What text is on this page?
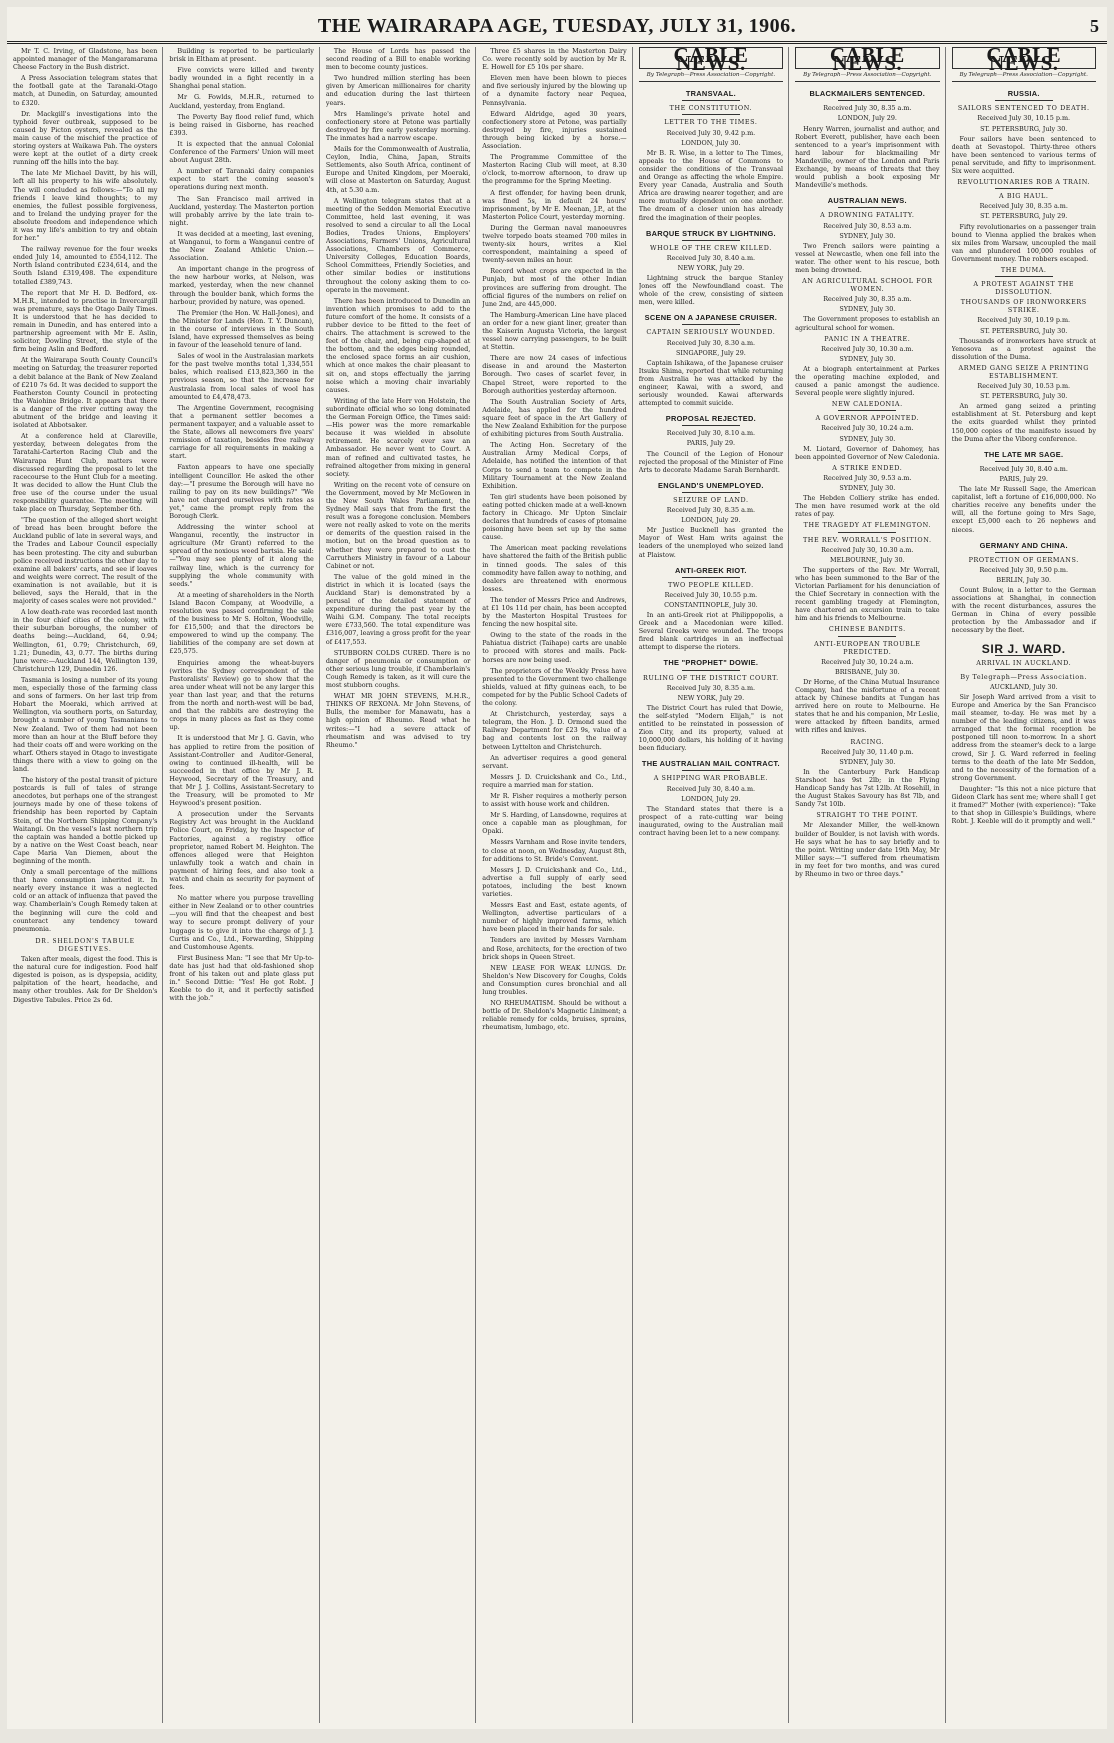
THE WAIRARAPA AGE, TUESDAY, JULY 31, 1906.	5

Mr T. C. Irving, of Gladstone, has been appointed manager of the Mangaramarama Cheese Factory in the Bush district.

A Press Association telegram states that the football gate at the Taranaki-Otago match, at Dunedin, on Saturday, amounted to £320.

Dr. Mackgill's investigations into the typhoid fever outbreak, supposed to be caused by Picton oysters, revealed as the main cause of the mischief the practice of storing oysters at Waikawa Pah. The oysters were kept at the outlet of a dirty creek running off the hills into the bay.

The late Mr Michael Davitt, by his will, left all his property to his wife absolutely. The will concluded as follows:—"To all my friends I leave kind thoughts; to my enemies, the fullest possible forgiveness, and to Ireland the undying prayer for the absolute freedom and independence which it was my life's ambition to try and obtain for her."

The railway revenue for the four weeks ended July 14, amounted to £554,112. The North Island contributed £234,614, and the South Island £319,498. The expenditure totalled £389,743.

The report that Mr H. D. Bedford, ex-M.H.R., intended to practise in Invercargill was premature, says the Otago Daily Times. It is understood that he has decided to remain in Dunedin, and has entered into a partnership agreement with Mr E. Aslin, solicitor, Dowling Street, the style of the firm being Aslin and Bedford.

At the Wairarapa South County Council's meeting on Saturday, the treasurer reported a debit balance at the Bank of New Zealand of £210 7s 6d. It was decided to support the Featherston County Council in protecting the Waiohine Bridge. It appears that there is a danger of the river cutting away the abutment of the bridge and leaving it isolated at Abbotsaker.

At a conference held at Clareville, yesterday, between delegates from the Taratahi-Carterton Racing Club and the Wairarapa Hunt Club, matters were discussed regarding the proposal to let the racecourse to the Hunt Club for a meeting. It was decided to allow the Hunt Club the free use of the course under the usual responsibility guarantee. The meeting will take place on Thursday, September 6th.

"The question of the alleged short weight of bread has been brought before the Auckland public of late in several ways, and the Trades and Labour Council especially has been protesting. The city and suburban police received instructions the other day to examine all bakers' carts, and see if loaves and weights were correct. The result of the examination is not available, but it is believed, says the Herald, that in the majority of cases scales were not provided."

A low death-rate was recorded last month in the four chief cities of the colony, with their suburban boroughs, the number of deaths being:—Auckland, 64, 0.94; Wellington, 61, 0.79; Christchurch, 69, 1.21; Dunedin, 43, 0.77. The births during June were:—Auckland 144, Wellington 139, Christchurch 129, Dunedin 126.

Tasmania is losing a number of its young men, especially those of the farming class and sons of farmers. On her last trip from Hobart the Moeraki, which arrived at Wellington, via southern ports, on Saturday, brought a number of young Tasmanians to New Zealand. Two of them had not been more than an hour at the Bluff before they had their coats off and were working on the wharf. Others stayed in Otago to investigate things there with a view to going on the land.

The history of the postal transit of picture postcards is full of tales of strange anecdotes, but perhaps one of the strangest journeys made by one of these tokens of friendship has been reported by Captain Stein, of the Northern Shipping Company's Waitangi. On the vessel's last northern trip the captain was handed a bottle picked up by a native on the West Coast beach, near Cape Maria Van Diemen, about the beginning of the month.

Only a small percentage of the millions that have consumption inherited it. In nearly every instance it was a neglected cold or an attack of influenza that paved the way. Chamberlain's Cough Remedy taken at the beginning will cure the cold and counteract any tendency toward pneumonia.

DR. SHELDON'S TABULE DIGESTIVES.

Taken after meals, digest the food. This is the natural cure for indigestion. Food half digested is poison, as is dyspepsia, acidity, palpitation of the heart, headache, and many other troubles. Ask for Dr Sheldon's Digestive Tabules. Price 2s 6d.

Building is reported to be particularly brisk in Eltham at present.

Five convicts were killed and twenty badly wounded in a fight recently in a Shanghai penal station.

Mr G. Fowlds, M.H.R., returned to Auckland, yesterday, from England.

The Poverty Bay flood relief fund, which is being raised in Gisborne, has reached £393.

It is expected that the annual Colonial Conference of the Farmers' Union will meet about August 28th.

A number of Taranaki dairy companies expect to start the coming season's operations during next month.

The San Francisco mail arrived in Auckland, yesterday. The Masterton portion will probably arrive by the late train to-night.

It was decided at a meeting, last evening, at Wanganui, to form a Wanganui centre of the New Zealand Athletic Union.—Association.

An important change in the progress of the new harbour works, at Nelson, was marked, yesterday, when the new channel through the boulder bank, which forms the harbour, provided by nature, was opened.

The Premier (the Hon. W. Hall-Jones), and the Minister for Lands (Hon. T. Y. Duncan), in the course of interviews in the South Island, have expressed themselves as being in favour of the leasehold tenure of land.

Sales of wool in the Australasian markets for the past twelve months total 1,334,551 bales, which realised £13,823,360 in the previous season, so that the increase for Australasia from local sales of wool has amounted to £4,478,473.

The Argentine Government, recognising that a permanent settler becomes a permanent taxpayer, and a valuable asset to the State, allows all newcomers five years' remission of taxation, besides free railway carriage for all requirements in making a start.

Faxton appears to have one specially intelligent Councillor. He asked the other day:—"I presume the Borough will have no railing to pay on its new buildings?" "We have not charged ourselves with rates as yet," came the prompt reply from the Borough Clerk.

Addressing the winter school at Wanganui, recently, the instructor in agriculture (Mr Grant) referred to the spread of the noxious weed bartsia. He said:—"You may see plenty of it along the railway line, which is the currency for supplying the whole community with seeds."

At a meeting of shareholders in the North Island Bacon Company, at Woodville, a resolution was passed confirming the sale of the business to Mr S. Holton, Woodville, for £15,500; and that the directors be empowered to wind up the company. The liabilities of the company are set down at £25,575.

Enquiries among the wheat-buyers (writes the Sydney correspondent of the Pastoralists' Review) go to show that the area under wheat will not be any larger this year than last year, and that the returns from the north and north-west will be bad, and that the rabbits are destroying the crops in many places as fast as they come up.

It is understood that Mr J. G. Gavin, who has applied to retire from the position of Assistant-Controller and Auditor-General, owing to continued ill-health, will be succeeded in that office by Mr J. R. Heywood, Secretary of the Treasury, and that Mr J. J. Collins, Assistant-Secretary to the Treasury, will be promoted to Mr Heywood's present position.

A prosecution under the Servants Registry Act was brought in the Auckland Police Court, on Friday, by the Inspector of Factories, against a registry office proprietor, named Robert M. Heighton. The offences alleged were that Heighton unlawfully took a watch and chain in payment of hiring fees, and also took a watch and chain as security for payment of fees.

No matter where you purpose travelling either in New Zealand or to other countries—you will find that the cheapest and best way to secure prompt delivery of your luggage is to give it into the charge of J. J. Curtis and Co., Ltd., Forwarding, Shipping and Customhouse Agents.

First Business Man: "I see that Mr Up-to-date has just had that old-fashioned shop front of his taken out and plate glass put in." Second Dittie: "Yes! He got Robt. J Keeble to do it, and it perfectly satisfied with the job."

The House of Lords has passed the second reading of a Bill to enable working men to become county justices.

Two hundred million sterling has been given by American millionaires for charity and education during the last thirteen years.

Mrs Hamlinge's private hotel and confectionery store at Petone was partially destroyed by fire early yesterday morning. The inmates had a narrow escape.

Mails for the Commonwealth of Australia, Ceylon, India, China, Japan, Straits Settlements, also South Africa, continent of Europe and United Kingdom, per Moeraki, will close at Masterton on Saturday, August 4th, at 5.30 a.m.

A Wellington telegram states that at a meeting of the Seddon Memorial Executive Committee, held last evening, it was resolved to send a circular to all the Local Bodies, Trades Unions, Employers' Associations, Farmers' Unions, Agricultural Associations, Chambers of Commerce, University Colleges, Education Boards, School Committees, Friendly Societies, and other similar bodies or institutions throughout the colony asking them to co-operate in the movement.

There has been introduced to Dunedin an invention which promises to add to the future comfort of the home. It consists of a rubber device to be fitted to the feet of chairs. The attachment is screwed to the feet of the chair, and, being cup-shaped at the bottom, and the edges being rounded, the enclosed space forms an air cushion, which at once makes the chair pleasant to sit on, and stops effectually the jarring noise which a moving chair invariably causes.

Writing of the late Herr von Holstein, the subordinate official who so long dominated the German Foreign Office, the Times said:—His power was the more remarkable because it was wielded in absolute retirement. He scarcely ever saw an Ambassador. He never went to Court. A man of refined and cultivated tastes, he refrained altogether from mixing in general society.

Writing on the recent vote of censure on the Government, moved by Mr McGowen in the New South Wales Parliament, the Sydney Mail says that from the first the result was a foregone conclusion. Members were not really asked to vote on the merits or demerits of the question raised in the motion, but on the broad question as to whether they were prepared to oust the Carruthers Ministry in favour of a Labour Cabinet or not.

The value of the gold mined in the district in which it is located (says the Auckland Star) is demonstrated by a perusal of the detailed statement of expenditure during the past year by the Waihi G.M. Company. The total receipts were £733,560. The total expenditure was £316,007, leaving a gross profit for the year of £417,553.

STUBBORN COLDS CURED. There is no danger of pneumonia or consumption or other serious lung trouble, if Chamberlain's Cough Remedy is taken, as it will cure the most stubborn coughs.

WHAT MR JOHN STEVENS, M.H.R., THINKS OF REXONA. Mr John Stevens, of Bulls, the member for Manawatu, has a high opinion of Rheumo. Read what he writes:—"I had a severe attack of rheumatism and was advised to try Rheumo."

Three £5 shares in the Masterton Dairy Co. were recently sold by auction by Mr R. E. Howell for £5 10s per share.

Eleven men have been blown to pieces and five seriously injured by the blowing up of a dynamite factory near Pequea, Pennsylvania.

Edward Aldridge, aged 30 years, confectionery store at Petone, was partially destroyed by fire, injuries sustained through being kicked by a horse.—Association.

The Programme Committee of the Masterton Racing Club will meet, at 8.30 o'clock, to-morrow afternoon, to draw up the programme for the Spring Meeting.

A first offender, for having been drunk, was fined 5s, in default 24 hours' imprisonment, by Mr E. Meenan, J.P., at the Masterton Police Court, yesterday morning.

During the German naval manoeuvres twelve torpedo boats steamed 700 miles in twenty-six hours, writes a Kiel correspondent, maintaining a speed of twenty-seven miles an hour.

Record wheat crops are expected in the Punjab, but most of the other Indian provinces are suffering from drought. The official figures of the numbers on relief on June 2nd, are 445,000.

The Hamburg-American Line have placed an order for a new giant liner, greater than the Kaiserin Augusta Victoria, the largest vessel now carrying passengers, to be built at Stettin.

There are now 24 cases of infectious disease in and around the Masterton Borough. Two cases of scarlet fever, in Chapel Street, were reported to the Borough authorities yesterday afternoon.

The South Australian Society of Arts, Adelaide, has applied for the hundred square feet of space in the Art Gallery of the New Zealand Exhibition for the purpose of exhibiting pictures from South Australia.

The Acting Hon. Secretary of the Australian Army Medical Corps, of Adelaide, has notified the intention of that Corps to send a team to compete in the Military Tournament at the New Zealand Exhibition.

Ten girl students have been poisoned by eating potted chicken made at a well-known factory in Chicago. Mr Upton Sinclair declares that hundreds of cases of ptomaine poisoning have been set up by the same cause.

The American meat packing revelations have shattered the faith of the British public in tinned goods. The sales of this commodity have fallen away to nothing, and dealers are threatened with enormous losses.

The tender of Messrs Price and Andrews, at £1 10s 11d per chain, has been accepted by the Masterton Hospital Trustees for fencing the new hospital site.

Owing to the state of the roads in the Pahiatua district (Taihape) carts are unable to proceed with stores and mails. Pack-horses are now being used.

The proprietors of the Weekly Press have presented to the Government two challenge shields, valued at fifty guineas each, to be competed for by the Public School Cadets of the colony.

At Christchurch, yesterday, says a telegram, the Hon. J. D. Ormond sued the Railway Department for £23 9s, value of a bag and contents lost on the railway between Lyttelton and Christchurch.

An advertiser requires a good general servant.

Messrs J. D. Cruickshank and Co., Ltd., require a married man for station.

Mr R. Fisher requires a motherly person to assist with house work and children.

Mr S. Harding, of Lansdowne, requires at once a capable man as ploughman, for Opaki.

Messrs Varnham and Rose invite tenders, to close at noon, on Wednesday, August 8th, for additions to St. Bride's Convent.

Messrs J. D. Cruickshank and Co., Ltd., advertise a full supply of early seed potatoes, including the best known varieties.

Messrs East and East, estate agents, of Wellington, advertise particulars of a number of highly improved farms, which have been placed in their hands for sale.

Tenders are invited by Messrs Varnham and Rose, architects, for the erection of two brick shops in Queen Street.

NEW LEASE FOR WEAK LUNGS. Dr. Sheldon's New Discovery for Coughs, Colds and Consumption cures bronchial and all lung troubles.

NO RHEUMATISM. Should be without a bottle of Dr. Sheldon's Magnetic Liniment; a reliable remedy for colds, bruises, sprains, rheumatism, lumbago, etc.

CABLE NEWS.
By Telegraph—Press Association—Copyright.
TRANSVAAL.
THE CONSTITUTION.
LETTER TO THE TIMES.
Received July 30, 9.42 p.m.
LONDON, July 30.

Mr B. R. Wise, in a letter to The Times, appeals to the House of Commons to consider the conditions of the Transvaal and Orange as affecting the whole Empire. Every year Canada, Australia and South Africa are drawing nearer together, and are more mutually dependent on one another. The dream of a closer union has already fired the imagination of their peoples.

BARQUE STRUCK BY LIGHTNING.
WHOLE OF THE CREW KILLED.
Received July 30, 8.40 a.m.
NEW YORK, July 29.

Lightning struck the barque Stanley Jones off the Newfoundland coast. The whole of the crew, consisting of sixteen men, were killed.

SCENE ON A JAPANESE CRUISER.
CAPTAIN SERIOUSLY WOUNDED.
Received July 30, 8.30 a.m.
SINGAPORE, July 29.

Captain Ishikawa, of the Japanese cruiser Itsuku Shima, reported that while returning from Australia he was attacked by the engineer, Kawai, with a sword, and seriously wounded. Kawai afterwards attempted to commit suicide.

PROPOSAL REJECTED.
Received July 30, 8.10 a.m.
PARIS, July 29.

The Council of the Legion of Honour rejected the proposal of the Minister of Fine Arts to decorate Madame Sarah Bernhardt.

ENGLAND'S UNEMPLOYED.
SEIZURE OF LAND.
Received July 30, 8.35 a.m.
LONDON, July 29.

Mr Justice Bucknell has granted the Mayor of West Ham writs against the leaders of the unemployed who seized land at Plaistow.

ANTI-GREEK RIOT.
TWO PEOPLE KILLED.
Received July 30, 10.55 p.m.
CONSTANTINOPLE, July 30.

In an anti-Greek riot at Philippopolis, a Greek and a Macedonian were killed. Several Greeks were wounded. The troops fired blank cartridges in an ineffectual attempt to disperse the rioters.

THE "PROPHET" DOWIE.
RULING OF THE DISTRICT COURT.
Received July 30, 8.35 a.m.
NEW YORK, July 29.

The District Court has ruled that Dowie, the self-styled "Modern Elijah," is not entitled to be reinstated in possession of Zion City, and its property, valued at 10,000,000 dollars, his holding of it having been fiduciary.

THE AUSTRALIAN MAIL CONTRACT.
A SHIPPING WAR PROBABLE.
Received July 30, 8.40 a.m.
LONDON, July 29.

The Standard states that there is a prospect of a rate-cutting war being inaugurated, owing to the Australian mail contract having been let to a new company.

CABLE NEWS.
By Telegraph—Press Association—Copyright.
BLACKMAILERS SENTENCED.
Received July 30, 8.35 a.m.
LONDON, July 29.

Henry Warren, journalist and author, and Robert Everett, publisher, have each been sentenced to a year's imprisonment with hard labour for blackmailing Mr Mandeville, owner of the London and Paris Exchange, by means of threats that they would publish a book exposing Mr Mandeville's methods.

AUSTRALIAN NEWS.
A DROWNING FATALITY.
Received July 30, 8.53 a.m.
SYDNEY, July 30.

Two French sailors were painting a vessel at Newcastle, when one fell into the water. The other went to his rescue, both men being drowned.

AN AGRICULTURAL SCHOOL FOR WOMEN.
Received July 30, 8.35 a.m.
SYDNEY, July 30.

The Government proposes to establish an agricultural school for women.

PANIC IN A THEATRE.
Received July 30, 10.30 a.m.
SYDNEY, July 30.

At a biograph entertainment at Parkes the operating machine exploded, and caused a panic amongst the audience. Several people were slightly injured.

NEW CALEDONIA.
A GOVERNOR APPOINTED.
Received July 30, 10.24 a.m.
SYDNEY, July 30.

M. Liotard, Governor of Dahomey, has been appointed Governor of New Caledonia.

A STRIKE ENDED.
Received July 30, 9.53 a.m.
SYDNEY, July 30.

The Hebden Colliery strike has ended. The men have resumed work at the old rates of pay.

THE TRAGEDY AT FLEMINGTON.
THE REV. WORRALL'S POSITION.
Received July 30, 10.30 a.m.
MELBOURNE, July 30.

The supporters of the Rev. Mr Worrall, who has been summoned to the Bar of the Victorian Parliament for his denunciation of the Chief Secretary in connection with the recent gambling tragedy at Flemington, have chartered an excursion train to take him and his friends to Melbourne.

CHINESE BANDITS.
ANTI-EUROPEAN TROUBLE PREDICTED.
Received July 30, 10.24 a.m.
BRISBANE, July 30.

Dr Horne, of the China Mutual Insurance Company, had the misfortune of a recent attack by Chinese bandits at Tungan has arrived here on route to Melbourne. He states that he and his companion, Mr Leslie, were attacked by fifteen bandits, armed with rifles and knives.

RACING.
Received July 30, 11.40 p.m.
SYDNEY, July 30.

In the Canterbury Park Handicap Starshoot has 9st 2lb; in the Flying Handicap Sandy has 7st 12lb. At Rosehill, in the August Stakes Savoury has 8st 7lb, and Sandy 7st 10lb.

STRAIGHT TO THE POINT.

Mr Alexander Miller, the well-known builder of Boulder, is not lavish with words. He says what he has to say briefly and to the point. Writing under date 19th May, Mr Miller says:—"I suffered from rheumatism in my feet for two months, and was cured by Rheumo in two or three days."

CABLE NEWS.
By Telegraph—Press Association—Copyright.
RUSSIA.
SAILORS SENTENCED TO DEATH.
Received July 30, 10.15 p.m.
ST. PETERSBURG, July 30.

Four sailors have been sentenced to death at Sevastopol. Thirty-three others have been sentenced to various terms of penal servitude, and fifty to imprisonment. Six were acquitted.

REVOLUTIONARIES ROB A TRAIN.
A BIG HAUL.
Received July 30, 8.35 a.m.
ST. PETERSBURG, July 29.

Fifty revolutionaries on a passenger train bound to Vienna applied the brakes when six miles from Warsaw, uncoupled the mail van and plundered 100,000 roubles of Government money. The robbers escaped.

THE DUMA.
A PROTEST AGAINST THE DISSOLUTION.
THOUSANDS OF IRONWORKERS STRIKE.
Received July 30, 10.19 p.m.
ST. PETERSBURG, July 30.

Thousands of ironworkers have struck at Yenosova as a protest against the dissolution of the Duma.

ARMED GANG SEIZE A PRINTING ESTABLISHMENT.
Received July 30, 10.53 p.m.
ST. PETERSBURG, July 30.

An armed gang seized a printing establishment at St. Petersburg and kept the exits guarded whilst they printed 150,000 copies of the manifesto issued by the Duma after the Viborg conference.

THE LATE MR SAGE.
Received July 30, 8.40 a.m.
PARIS, July 29.

The late Mr Russell Sage, the American capitalist, left a fortune of £16,000,000. No charities receive any benefits under the will, all the fortune going to Mrs Sage, except £5,000 each to 26 nephews and nieces.

GERMANY AND CHINA.
PROTECTION OF GERMANS.
Received July 30, 9.50 p.m.
BERLIN, July 30.

Count Bulow, in a letter to the German associations at Shanghai, in connection with the recent disturbances, assures the German in China of every possible protection by the Ambassador and if necessary by the fleet.

SIR J. WARD.
ARRIVAL IN AUCKLAND.
By Telegraph—Press Association.
AUCKLAND, July 30.

Sir Joseph Ward arrived from a visit to Europe and America by the San Francisco mail steamer, to-day. He was met by a number of the leading citizens, and it was arranged that the formal reception be postponed till noon to-morrow. In a short address from the steamer's deck to a large crowd, Sir J. G. Ward referred in feeling terms to the death of the late Mr Seddon, and to the necessity of the formation of a strong Government.

Daughter: "Is this not a nice picture that Gideon Clark has sent me; where shall I get it framed?" Mother (with experience): "Take to that shop in Gillespie's Buildings, where Robt. J. Keeble will do it promptly and well."
